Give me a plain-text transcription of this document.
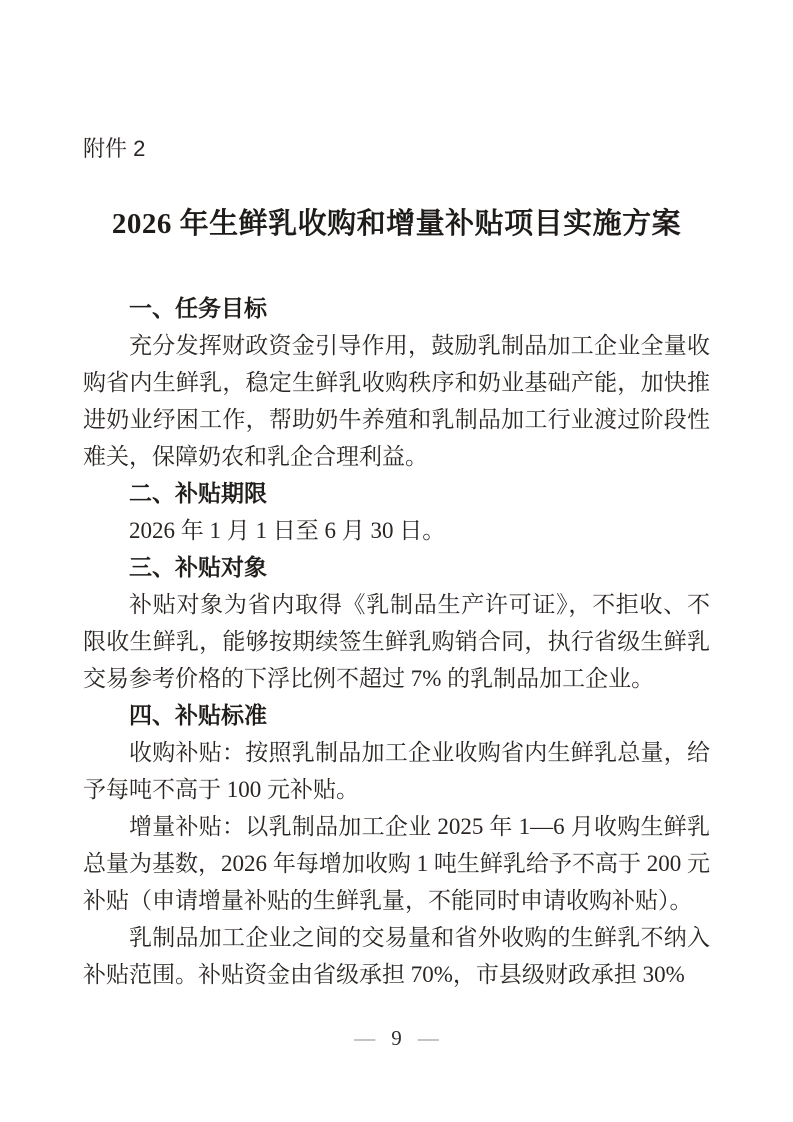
附件 2
2026 年生鲜乳收购和增量补贴项目实施方案
一、任务目标
充分发挥财政资金引导作用，鼓励乳制品加工企业全量收购省内生鲜乳，稳定生鲜乳收购秩序和奶业基础产能，加快推进奶业纾困工作，帮助奶牛养殖和乳制品加工行业渡过阶段性难关，保障奶农和乳企合理利益。
二、补贴期限
2026 年 1 月 1 日至 6 月 30 日。
三、补贴对象
补贴对象为省内取得《乳制品生产许可证》，不拒收、不限收生鲜乳，能够按期续签生鲜乳购销合同，执行省级生鲜乳交易参考价格的下浮比例不超过 7% 的乳制品加工企业。
四、补贴标准
收购补贴：按照乳制品加工企业收购省内生鲜乳总量，给予每吨不高于 100 元补贴。
增量补贴：以乳制品加工企业 2025 年 1—6 月收购生鲜乳总量为基数，2026 年每增加收购 1 吨生鲜乳给予不高于 200 元补贴（申请增量补贴的生鲜乳量，不能同时申请收购补贴）。
乳制品加工企业之间的交易量和省外收购的生鲜乳不纳入补贴范围。补贴资金由省级承担 70%，市县级财政承担 30%
— 9 —
